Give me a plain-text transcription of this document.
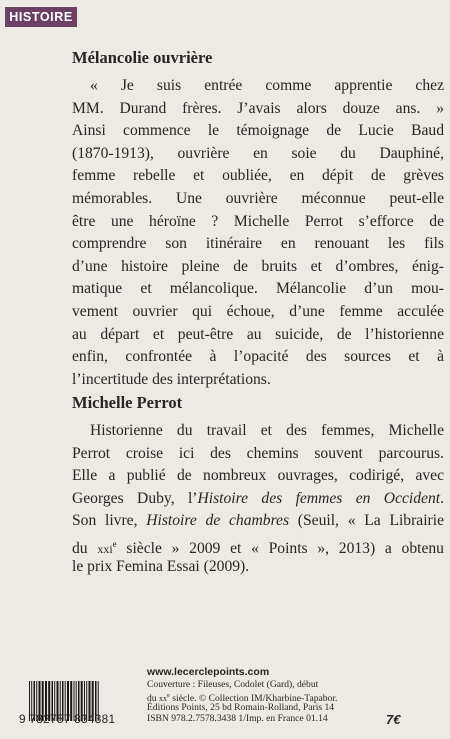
HISTOIRE
Mélancolie ouvrière
« Je suis entrée comme apprentie chez
MM. Durand frères. J’avais alors douze ans. »
Ainsi commence le témoignage de Lucie Baud
(1870-1913), ouvrière en soie du Dauphiné,
femme rebelle et oubliée, en dépit de grèves
mémorables. Une ouvrière méconnue peut-elle
être une héroïne ? Michelle Perrot s’efforce de
comprendre son itinéraire en renouant les fils
d’une histoire pleine de bruits et d’ombres, énig-
matique et mélancolique. Mélancolie d’un mou-
vement ouvrier qui échoue, d’une femme acculée
au départ et peut-être au suicide, de l’historienne
enfin, confrontée à l’opacité des sources et à
l’incertitude des interprétations.
Michelle Perrot
Historienne du travail et des femmes, Michelle
Perrot croise ici des chemins souvent parcourus.
Elle a publié de nombreux ouvrages, codirigé, avec
Georges Duby, l’Histoire des femmes en Occident.
Son livre, Histoire de chambres (Seuil, « La Librairie
du xxi$^e$ siècle » 2009 et « Points », 2013) a obtenu
le prix Femina Essai (2009).
www.lecerclepoints.com
Couverture : Fileuses, Codolet (Gard), début
du $xx^e$ siècle. © Collection IM/Kharbine-Tapabor.
Éditions Points, 25 bd Romain-Rolland, Paris 14
ISBN 978.2.7578.3438 1/Imp. en France 01.14
9 782757 834381	7€
